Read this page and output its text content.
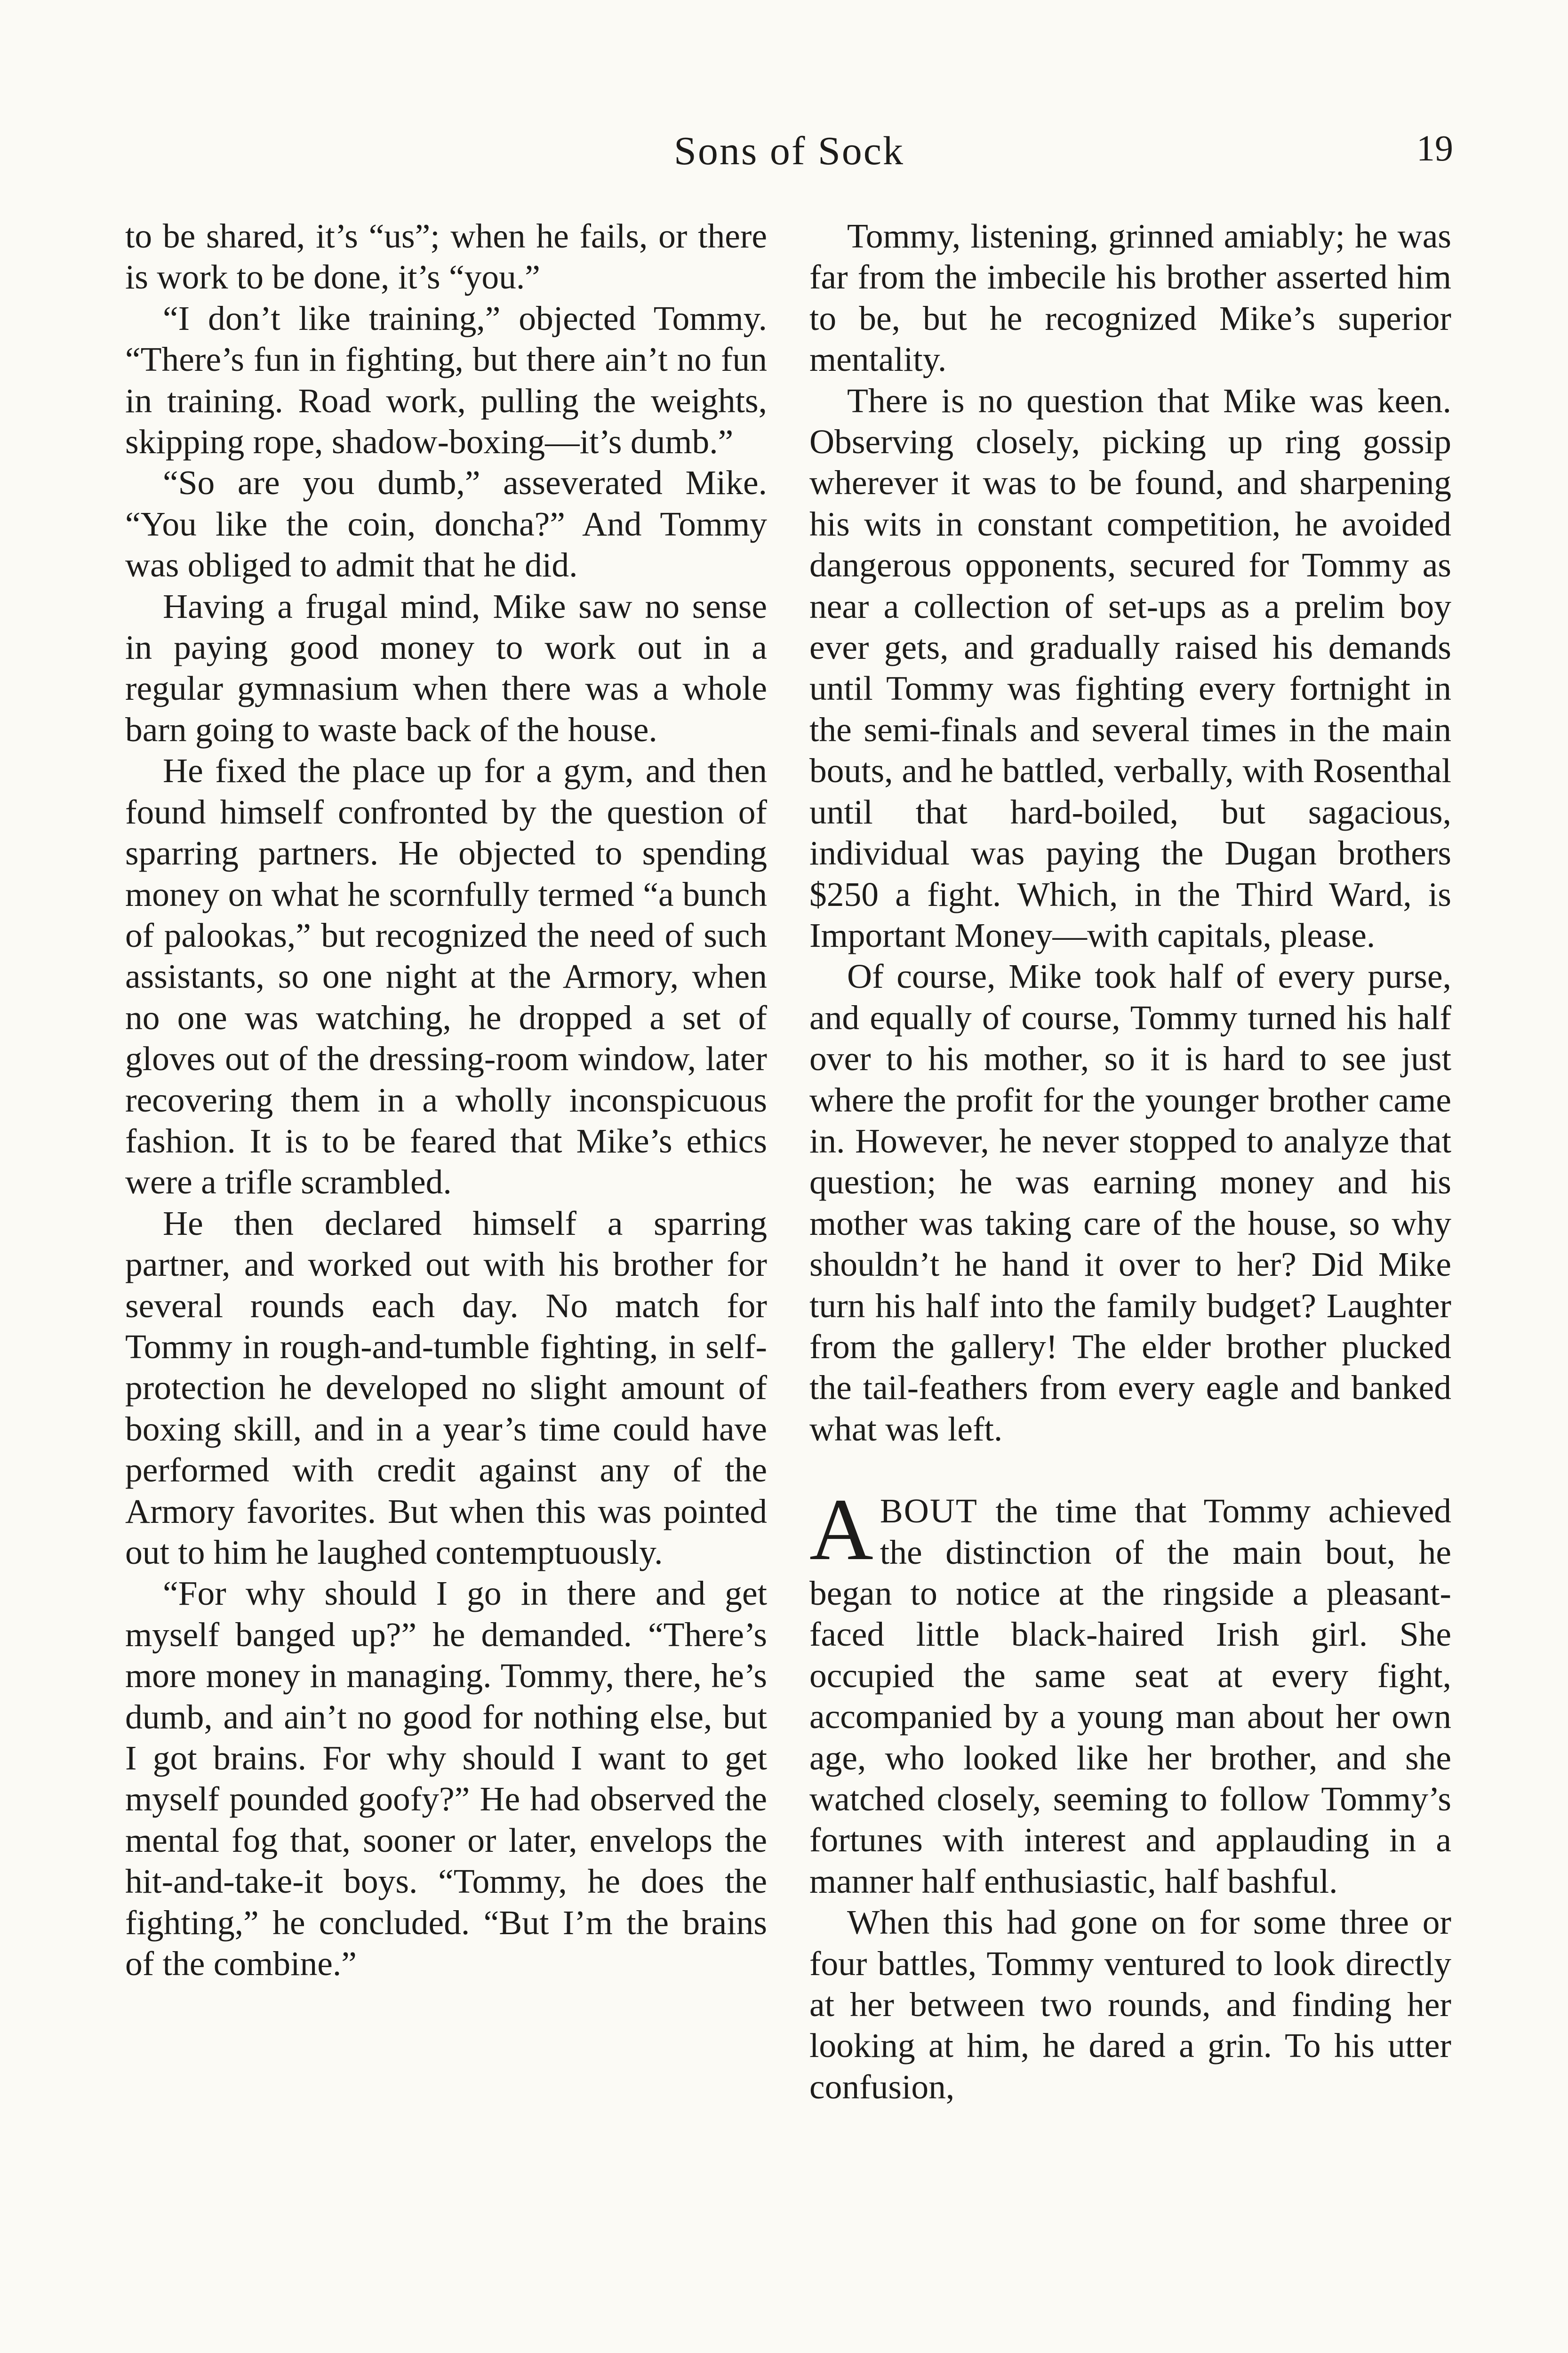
Sons of Sock	19

to be shared, it’s “us”; when he fails, or there is work to be done, it’s “you.”

“I don’t like training,” objected Tommy. “There’s fun in fighting, but there ain’t no fun in training. Road work, pulling the weights, skipping rope, shadow-boxing—it’s dumb.”

“So are you dumb,” asseverated Mike. “You like the coin, doncha?” And Tommy was obliged to admit that he did.

Having a frugal mind, Mike saw no sense in paying good money to work out in a regular gymnasium when there was a whole barn going to waste back of the house.

He fixed the place up for a gym, and then found himself confronted by the question of sparring partners. He objected to spending money on what he scornfully termed “a bunch of palookas,” but recognized the need of such assistants, so one night at the Armory, when no one was watching, he dropped a set of gloves out of the dressing-room window, later recovering them in a wholly inconspicuous fashion. It is to be feared that Mike’s ethics were a trifle scrambled.

He then declared himself a sparring partner, and worked out with his brother for several rounds each day. No match for Tommy in rough-and-tumble fighting, in self-protection he developed no slight amount of boxing skill, and in a year’s time could have performed with credit against any of the Armory favorites. But when this was pointed out to him he laughed contemptuously.

“For why should I go in there and get myself banged up?” he demanded. “There’s more money in managing. Tommy, there, he’s dumb, and ain’t no good for nothing else, but I got brains. For why should I want to get myself pounded goofy?” He had observed the mental fog that, sooner or later, envelops the hit-and-take-it boys. “Tommy, he does the fighting,” he concluded. “But I’m the brains of the combine.”

Tommy, listening, grinned amiably; he was far from the imbecile his brother asserted him to be, but he recognized Mike’s superior mentality.

There is no question that Mike was keen. Observing closely, picking up ring gossip wherever it was to be found, and sharpening his wits in constant competition, he avoided dangerous opponents, secured for Tommy as near a collection of set-ups as a prelim boy ever gets, and gradually raised his demands until Tommy was fighting every fortnight in the semi-finals and several times in the main bouts, and he battled, verbally, with Rosenthal until that hard-boiled, but sagacious, individual was paying the Dugan brothers $250 a fight. Which, in the Third Ward, is Important Money—with capitals, please.

Of course, Mike took half of every purse, and equally of course, Tommy turned his half over to his mother, so it is hard to see just where the profit for the younger brother came in. However, he never stopped to analyze that question; he was earning money and his mother was taking care of the house, so why shouldn’t he hand it over to her? Did Mike turn his half into the family budget? Laughter from the gallery! The elder brother plucked the tail-feathers from every eagle and banked what was left.

ABOUT the time that Tommy achieved the distinction of the main bout, he began to notice at the ringside a pleasant-faced little black-haired Irish girl. She occupied the same seat at every fight, accompanied by a young man about her own age, who looked like her brother, and she watched closely, seeming to follow Tommy’s fortunes with interest and applauding in a manner half enthusiastic, half bashful.

When this had gone on for some three or four battles, Tommy ventured to look directly at her between two rounds, and finding her looking at him, he dared a grin. To his utter confusion,
